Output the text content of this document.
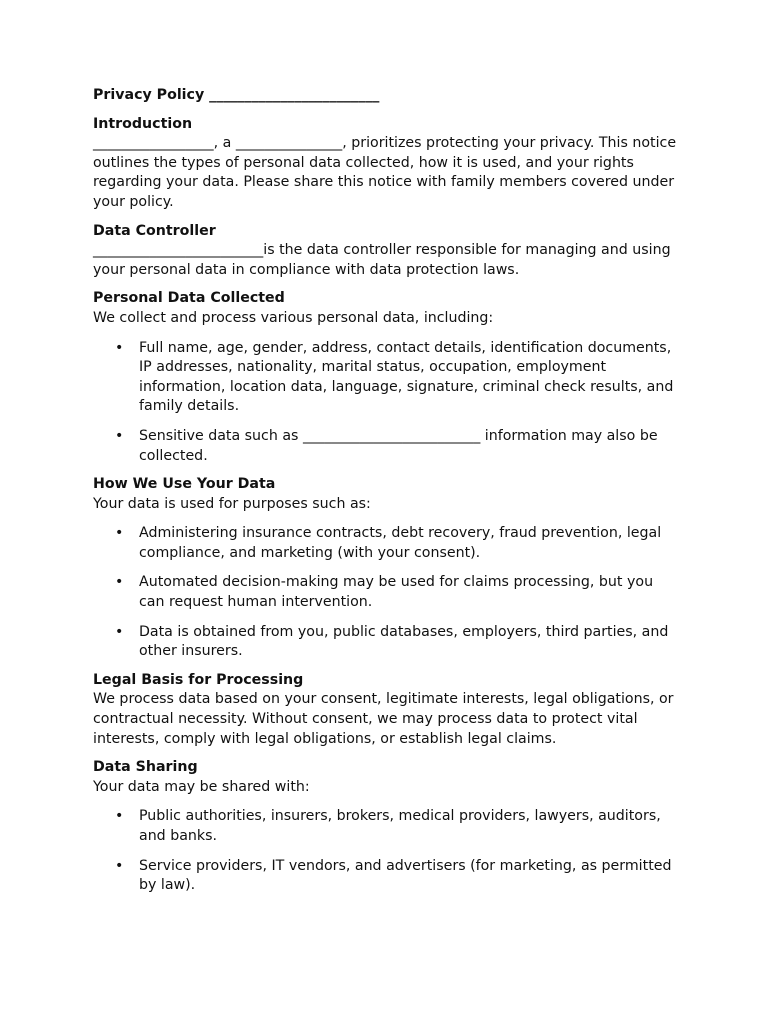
Privacy Policy ________________________
Introduction

_________________, a _______________, prioritizes protecting your privacy. This notice outlines the types of personal data collected, how it is used, and your rights regarding your data. Please share this notice with family members covered under your policy.

Data Controller

________________________is the data controller responsible for managing and using your personal data in compliance with data protection laws.

Personal Data Collected

We collect and process various personal data, including:

• Full name, age, gender, address, contact details, identification documents, IP addresses, nationality, marital status, occupation, employment information, location data, language, signature, criminal check results, and family details.
• Sensitive data such as _________________________ information may also be collected.
How We Use Your Data

Your data is used for purposes such as:

• Administering insurance contracts, debt recovery, fraud prevention, legal compliance, and marketing (with your consent).
• Automated decision-making may be used for claims processing, but you can request human intervention.
• Data is obtained from you, public databases, employers, third parties, and other insurers.
Legal Basis for Processing

We process data based on your consent, legitimate interests, legal obligations, or contractual necessity. Without consent, we may process data to protect vital interests, comply with legal obligations, or establish legal claims.

Data Sharing

Your data may be shared with:

• Public authorities, insurers, brokers, medical providers, lawyers, auditors, and banks.
• Service providers, IT vendors, and advertisers (for marketing, as permitted by law).
